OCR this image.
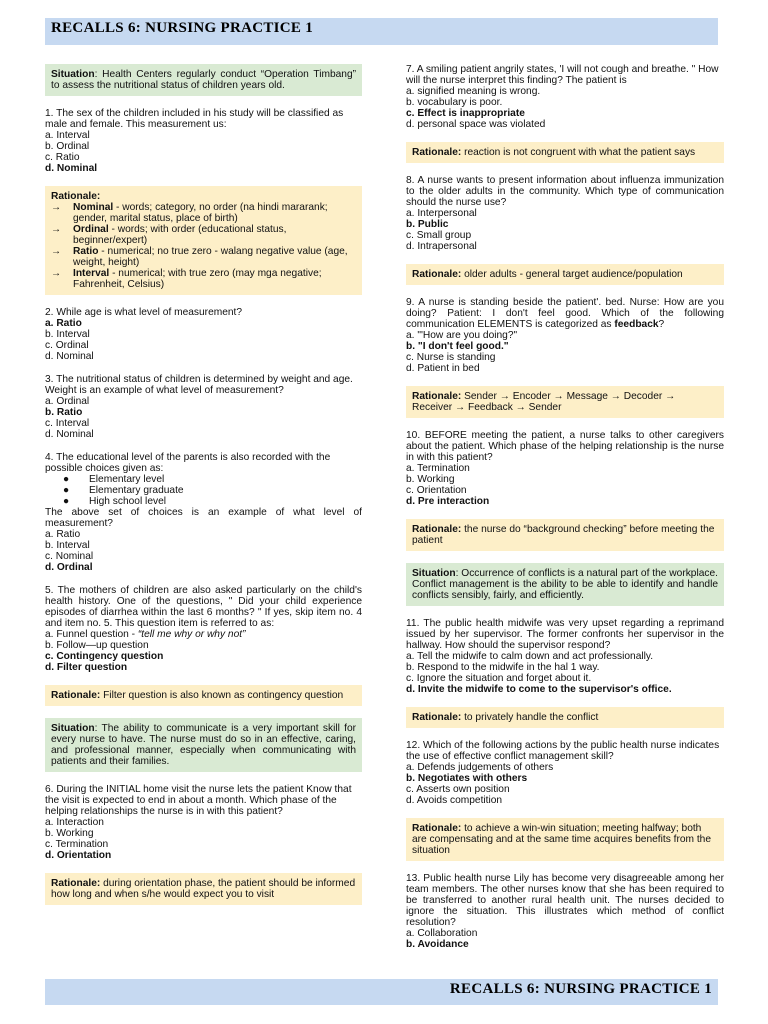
RECALLS 6: NURSING PRACTICE 1
Situation: Health Centers regularly conduct “Operation Timbang” to assess the nutritional status of children years old.

1. The sex of the children included in his study will be classified as male and female. This measurement us:

a. Interval

b. Ordinal

c. Ratio

d. Nominal

Rationale:

→	Nominal - words; category, no order (na hindi mararank; gender, marital status, place of birth)
→	Ordinal - words; with order (educational status, beginner/expert)
→	Ratio - numerical; no true zero - walang negative value (age, weight, height)
→	Interval - numerical; with true zero (may mga negative; Fahrenheit, Celsius)

2. While age is what level of measurement?

a. Ratio

b. Interval

c. Ordinal

d. Nominal

3. The nutritional status of children is determined by weight and age. Weight is an example of what level of measurement?

a. Ordinal

b. Ratio

c. Interval

d. Nominal

4. The educational level of the parents is also recorded with the possible choices given as:

●	Elementary level
●	Elementary graduate
●	High school level

The above set of choices is an example of what level of measurement?

a. Ratio

b. Interval

c. Nominal

d. Ordinal

5. The mothers of children are also asked particularly on the child's health history. One of the questions, " Did your child experience episodes of diarrhea within the last 6 months? " If yes, skip item no. 4 and item no. 5. This question item is referred to as:

a. Funnel question - “tell me why or why not”

b. Follow—up question

c. Contingency question

d. Filter question

Rationale: Filter question is also known as contingency question
Situation: The ability to communicate is a very important skill for every nurse to have. The nurse must do so in an effective, caring, and professional manner, especially when communicating with patients and their families.

6. During the INITIAL home visit the nurse lets the patient Know that the visit is expected to end in about a month. Which phase of the helping relationships the nurse is in with this patient?

a. Interaction

b. Working

c. Termination

d. Orientation

Rationale: during orientation phase, the patient should be informed how long and when s/he would expect you to visit

7. A smiling patient angrily states, 'I will not cough and breathe. " How will the nurse interpret this finding? The patient is

a. signified meaning is wrong.

b. vocabulary is poor.

c. Effect is inappropriate

d. personal space was violated

Rationale: reaction is not congruent with what the patient says

8. A nurse wants to present information about influenza immunization to the older adults in the community. Which type of communication should the nurse use?

a. Interpersonal

b. Public

c. Small group

d. Intrapersonal

Rationale: older adults - general target audience/population

9. A nurse is standing beside the patient'. bed. Nurse: How are you doing? Patient: I don't feel good. Which of the following communication ELEMENTS is categorized as feedback?

a. "'How are you doing?"

b. "I don't feel good."

c. Nurse is standing

d. Patient in bed

Rationale: Sender → Encoder → Message → Decoder → Receiver → Feedback → Sender

10. BEFORE meeting the patient, a nurse talks to other caregivers about the patient. Which phase of the helping relationship is the nurse in with this patient?

a. Termination

b. Working

c. Orientation

d. Pre interaction

Rationale: the nurse do “background checking” before meeting the patient
Situation: Occurrence of conflicts is a natural part of the workplace. Conflict management is the ability to be able to identify and handle conflicts sensibly, fairly, and efficiently.

11. The public health midwife was very upset regarding a reprimand issued by her supervisor. The former confronts her supervisor in the hallway. How should the supervisor respond?

a. Tell the midwife to calm down and act professionally.

b. Respond to the midwife in the hal 1 way.

c. Ignore the situation and forget about it.

d. Invite the midwife to come to the supervisor's office.

Rationale: to privately handle the conflict

12. Which of the following actions by the public health nurse indicates the use of effective conflict management skill?

a. Defends judgements of others

b. Negotiates with others

c. Asserts own position

d. Avoids competition

Rationale: to achieve a win-win situation; meeting halfway; both are compensating and at the same time acquires benefits from the situation

13. Public health nurse Lily has become very disagreeable among her team members. The other nurses know that she has been required to be transferred to another rural health unit. The nurses decided to ignore the situation. This illustrates which method of conflict resolution?

a. Collaboration

b. Avoidance

RECALLS 6: NURSING PRACTICE 1
